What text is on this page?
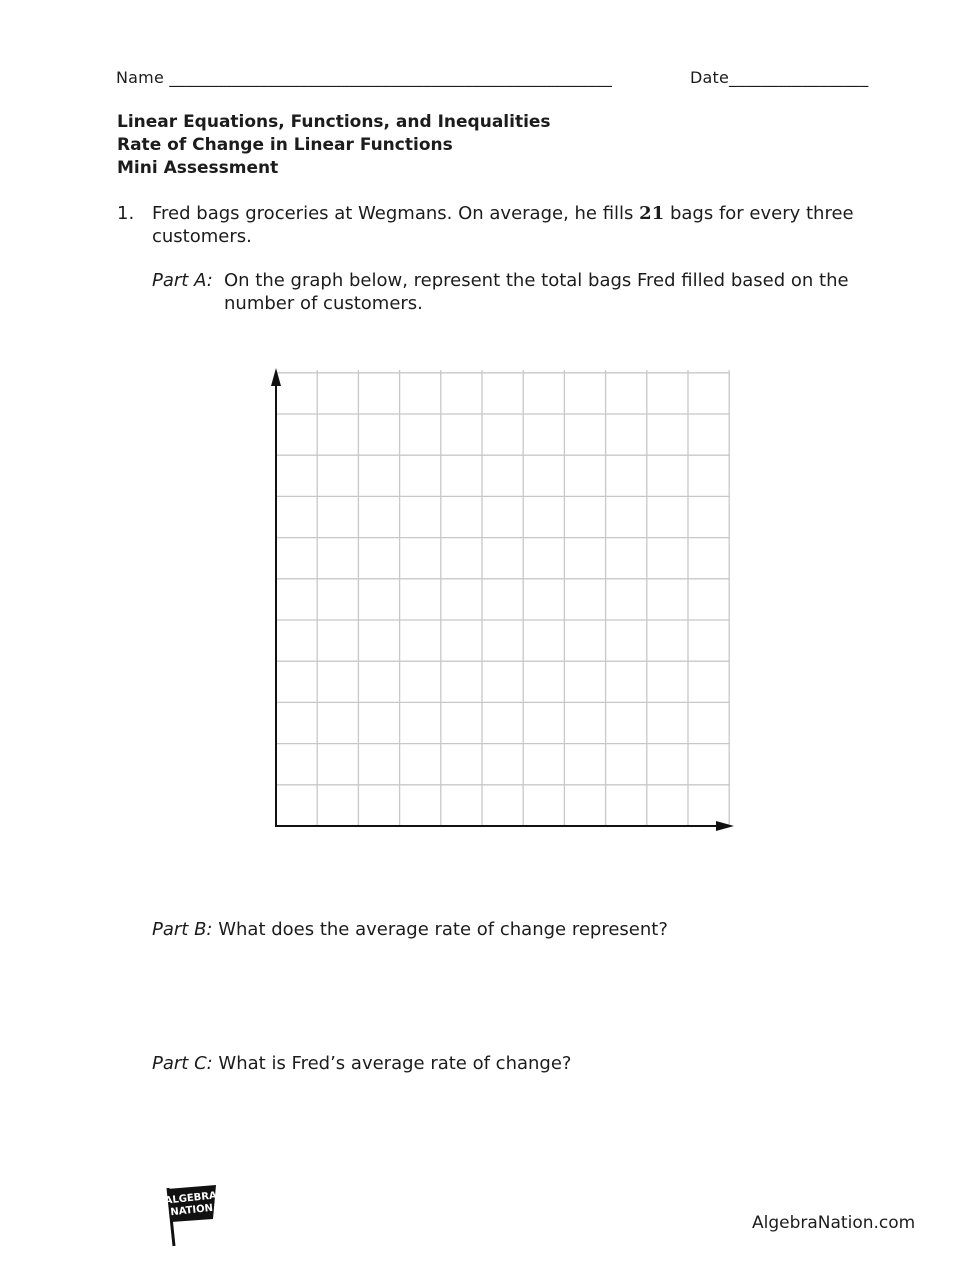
Name ______________________________________________________	Date_________________
Linear Equations, Functions, and Inequalities
Rate of Change in Linear Functions
Mini Assessment
1. Fred bags groceries at Wegmans. On average, he fills 21 bags for every three
customers.
Part A: On the graph below, represent the total bags Fred filled based on the
number of customers.
Part B: What does the average rate of change represent?
Part C: What is Fred’s average rate of change?
ALGEBRA
NATION
AlgebraNation.com
